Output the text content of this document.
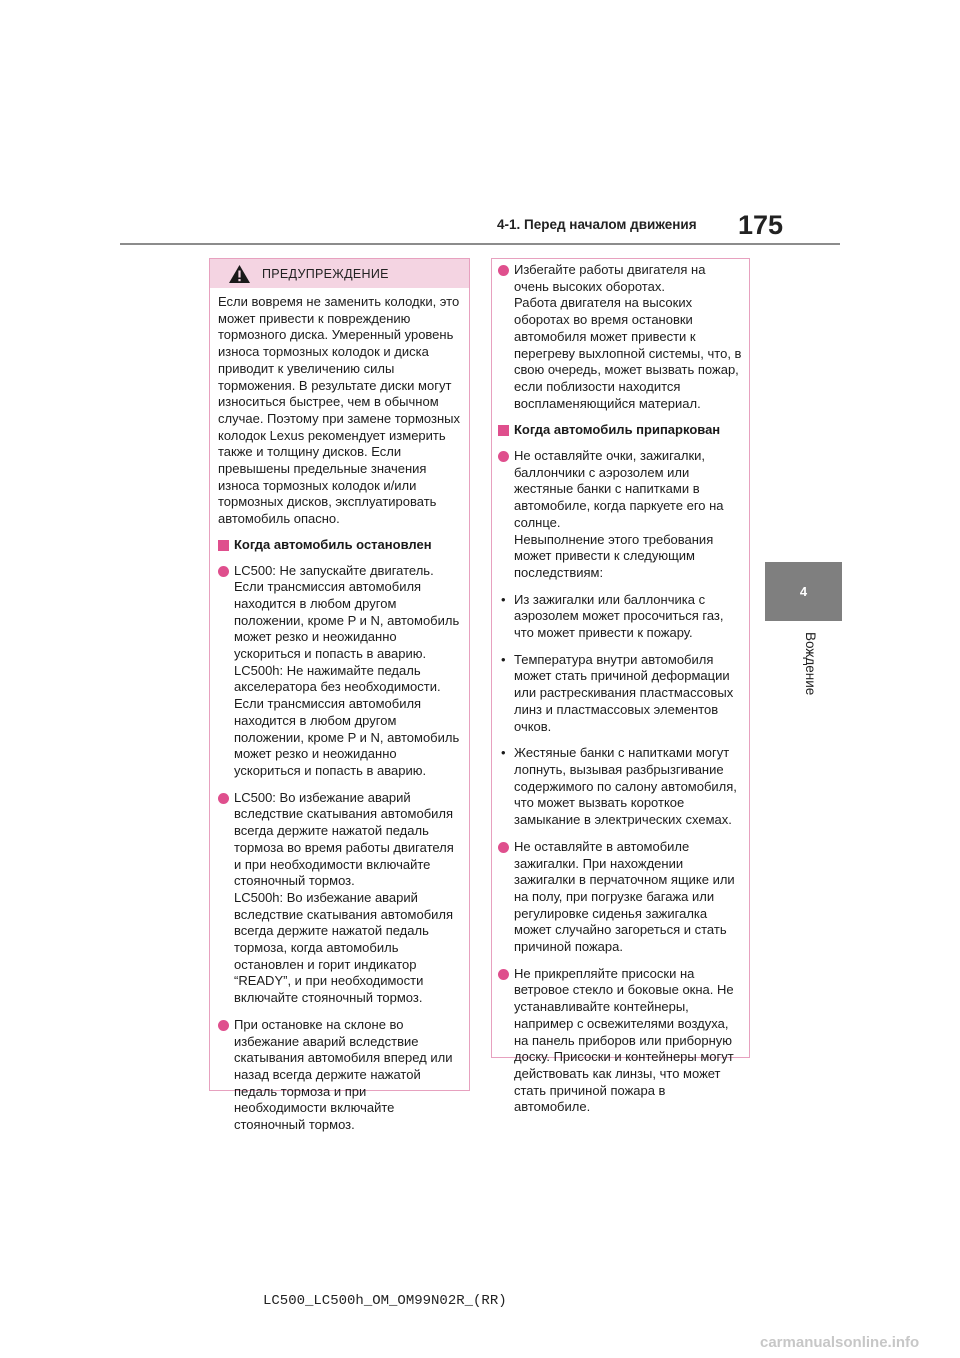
4-1. Перед началом движения	175
4
Вождение
ПРЕДУПРЕЖДЕНИЕ

Если вовремя не заменить колодки, это может привести к повреждению тормозного диска. Умеренный уровень износа тормозных колодок и диска приводит к увеличению силы торможения. В результате диски могут износиться быстрее, чем в обычном случае. Поэтому при замене тормозных колодок Lexus рекомендует измерить также и толщину дисков. Если превышены предельные значения износа тормозных колодок и/или тормозных дисков, эксплуатировать автомобиль опасно.

Когда автомобиль остановлен

LC500: Не запускайте двигатель. Если трансмиссия автомобиля находится в любом другом положении, кроме P и N, автомобиль может резко и неожиданно ускориться и попасть в аварию.
LC500h: Не нажимайте педаль акселератора без необходимости. Если трансмиссия автомобиля находится в любом другом положении, кроме P и N, автомобиль может резко и неожиданно ускориться и попасть в аварию.

LC500: Во избежание аварий вследствие скатывания автомобиля всегда держите нажатой педаль тормоза во время работы двигателя и при необходимости включайте стояночный тормоз.
LC500h: Во избежание аварий вследствие скатывания автомобиля всегда держите нажатой педаль тормоза, когда автомобиль остановлен и горит индикатор “READY”, и при необходимости включайте стояночный тормоз.

При остановке на склоне во избежание аварий вследствие скатывания автомобиля вперед или назад всегда держите нажатой педаль тормоза и при необходимости включайте стояночный тормоз.

Избегайте работы двигателя на очень высоких оборотах.
Работа двигателя на высоких оборотах во время остановки автомобиля может привести к перегреву выхлопной системы, что, в свою очередь, может вызвать пожар, если поблизости находится воспламеняющийся материал.

Когда автомобиль припаркован

Не оставляйте очки, зажигалки, баллончики с аэрозолем или жестяные банки с напитками в автомобиле, когда паркуете его на солнце.
Невыполнение этого требования может привести к следующим последствиям:

• Из зажигалки или баллончика с аэрозолем может просочиться газ, что может привести к пожару.

• Температура внутри автомобиля может стать причиной деформации или растрескивания пластмассовых линз и пластмассовых элементов очков.

• Жестяные банки с напитками могут лопнуть, вызывая разбрызгивание содержимого по салону автомобиля, что может вызвать короткое замыкание в электрических схемах.

Не оставляйте в автомобиле зажигалки. При нахождении зажигалки в перчаточном ящике или на полу, при погрузке багажа или регулировке сиденья зажигалка может случайно загореться и стать причиной пожара.

Не прикрепляйте присоски на ветровое стекло и боковые окна. Не устанавливайте контейнеры, например с освежителями воздуха, на панель приборов или приборную доску. Присоски и контейнеры могут действовать как линзы, что может стать причиной пожара в автомобиле.

LC500_LC500h_OM_OM99N02R_(RR)
carmanualsonline.info
